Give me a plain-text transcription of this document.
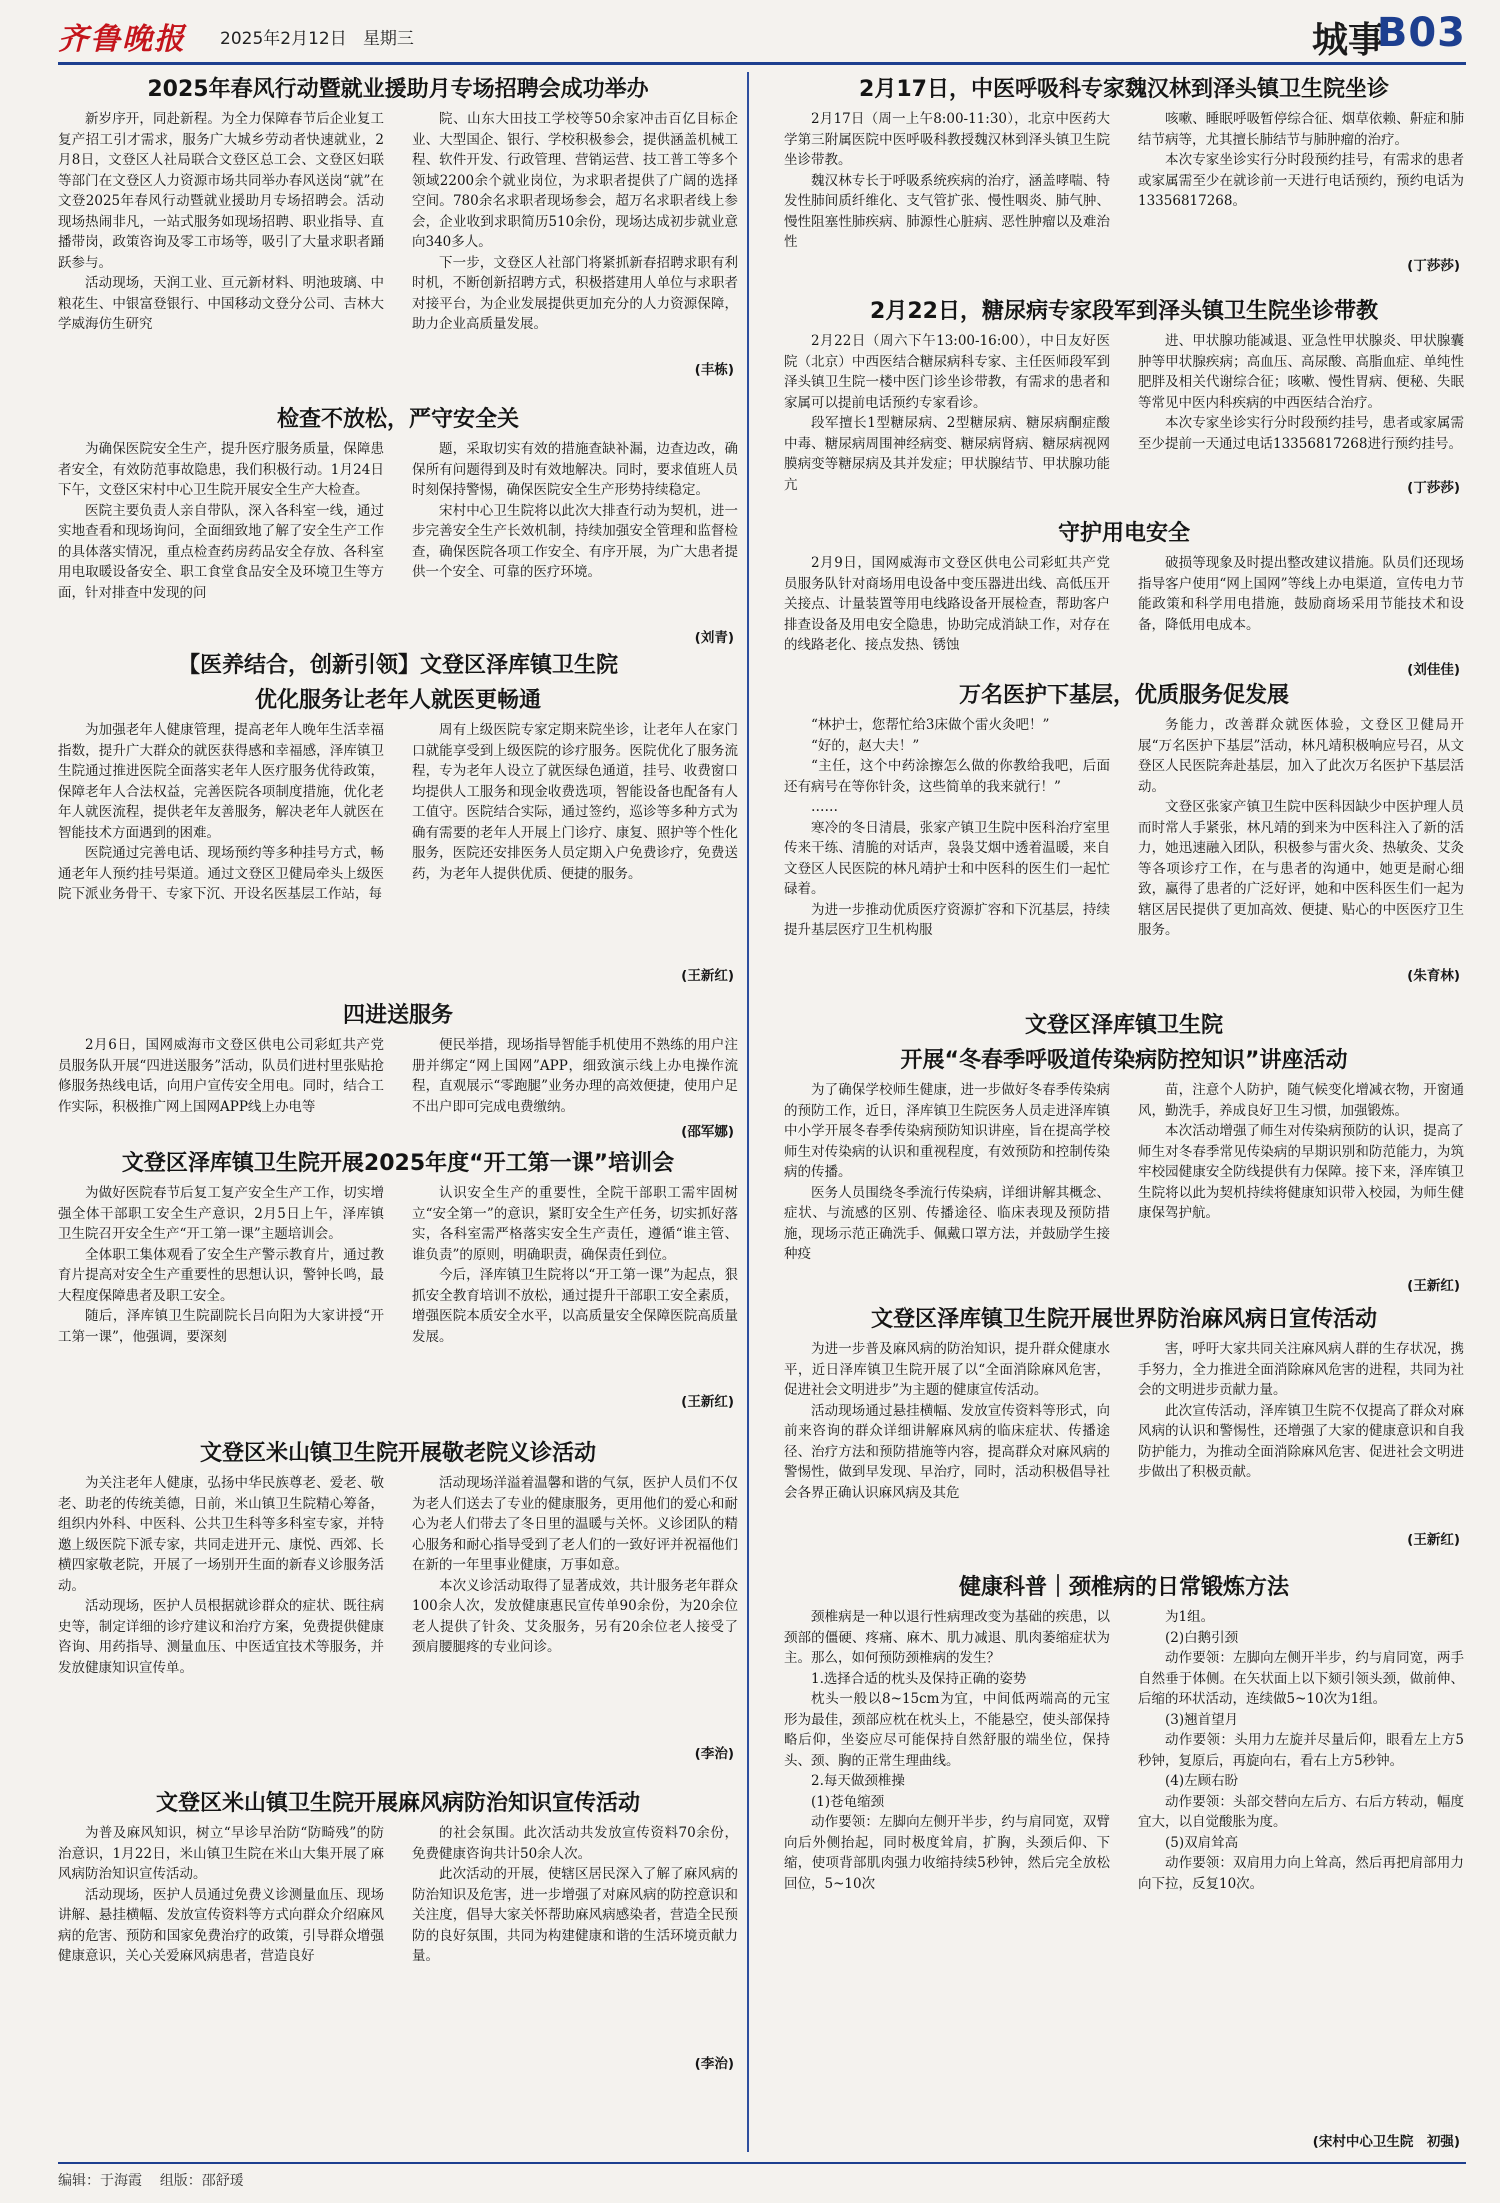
齐鲁晚报 2025年2月12日 星期三	城事
B03
2025年春风行动暨就业援助月专场招聘会成功举办

新岁序开，同赴新程。为全力保障春节后企业复工复产招工引才需求，服务广大城乡劳动者快速就业，2月8日，文登区人社局联合文登区总工会、文登区妇联等部门在文登区人力资源市场共同举办春风送岗“就”在文登2025年春风行动暨就业援助月专场招聘会。活动现场热闹非凡，一站式服务如现场招聘、职业指导、直播带岗，政策咨询及零工市场等，吸引了大量求职者踊跃参与。

活动现场，天润工业、亘元新材料、明池玻璃、中粮花生、中银富登银行、中国移动文登分公司、吉林大学威海仿生研究

院、山东大田技工学校等50余家冲击百亿目标企业、大型国企、银行、学校积极参会，提供涵盖机械工程、软件开发、行政管理、营销运营、技工普工等多个领域2200余个就业岗位，为求职者提供了广阔的选择空间。780余名求职者现场参会，超万名求职者线上参会，企业收到求职简历510余份，现场达成初步就业意向340多人。

下一步，文登区人社部门将紧抓新春招聘求职有利时机，不断创新招聘方式，积极搭建用人单位与求职者对接平台，为企业发展提供更加充分的人力资源保障，助力企业高质量发展。

(丰栋)
检查不放松，严守安全关

为确保医院安全生产，提升医疗服务质量，保障患者安全，有效防范事故隐患，我们积极行动。1月24日下午，文登区宋村中心卫生院开展安全生产大检查。

医院主要负责人亲自带队，深入各科室一线，通过实地查看和现场询问，全面细致地了解了安全生产工作的具体落实情况，重点检查药房药品安全存放、各科室用电取暖设备安全、职工食堂食品安全及环境卫生等方面，针对排查中发现的问

题，采取切实有效的措施查缺补漏，边查边改，确保所有问题得到及时有效地解决。同时，要求值班人员时刻保持警惕，确保医院安全生产形势持续稳定。

宋村中心卫生院将以此次大排查行动为契机，进一步完善安全生产长效机制，持续加强安全管理和监督检查，确保医院各项工作安全、有序开展，为广大患者提供一个安全、可靠的医疗环境。

(刘青)
【医养结合，创新引领】文登区泽库镇卫生院
优化服务让老年人就医更畅通

为加强老年人健康管理，提高老年人晚年生活幸福指数，提升广大群众的就医获得感和幸福感，泽库镇卫生院通过推进医院全面落实老年人医疗服务优待政策，保障老年人合法权益，完善医院各项制度措施，优化老年人就医流程，提供老年友善服务，解决老年人就医在智能技术方面遇到的困难。

医院通过完善电话、现场预约等多种挂号方式，畅通老年人预约挂号渠道。通过文登区卫健局牵头上级医院下派业务骨干、专家下沉、开设名医基层工作站，每

周有上级医院专家定期来院坐诊，让老年人在家门口就能享受到上级医院的诊疗服务。医院优化了服务流程，专为老年人设立了就医绿色通道，挂号、收费窗口均提供人工服务和现金收费选项，智能设备也配备有人工值守。医院结合实际，通过签约，巡诊等多种方式为确有需要的老年人开展上门诊疗、康复、照护等个性化服务，医院还安排医务人员定期入户免费诊疗，免费送药，为老年人提供优质、便捷的服务。

(王新红)
四进送服务

2月6日，国网威海市文登区供电公司彩虹共产党员服务队开展“四进送服务”活动，队员们进村里张贴抢修服务热线电话，向用户宣传安全用电。同时，结合工作实际，积极推广网上国网APP线上办电等

便民举措，现场指导智能手机使用不熟练的用户注册并绑定“网上国网”APP，细致演示线上办电操作流程，直观展示“零跑腿”业务办理的高效便捷，使用户足不出户即可完成电费缴纳。

(邵军娜)
文登区泽库镇卫生院开展2025年度“开工第一课”培训会

为做好医院春节后复工复产安全生产工作，切实增强全体干部职工安全生产意识，2月5日上午，泽库镇卫生院召开安全生产“开工第一课”主题培训会。

全体职工集体观看了安全生产警示教育片，通过教育片提高对安全生产重要性的思想认识，警钟长鸣，最大程度保障患者及职工安全。

随后，泽库镇卫生院副院长吕向阳为大家讲授“开工第一课”，他强调，要深刻

认识安全生产的重要性，全院干部职工需牢固树立“安全第一”的意识，紧盯安全生产任务，切实抓好落实，各科室需严格落实安全生产责任，遵循“谁主管、谁负责”的原则，明确职责，确保责任到位。

今后，泽库镇卫生院将以“开工第一课”为起点，狠抓安全教育培训不放松，通过提升干部职工安全素质，增强医院本质安全水平，以高质量安全保障医院高质量发展。

(王新红)
文登区米山镇卫生院开展敬老院义诊活动

为关注老年人健康，弘扬中华民族尊老、爱老、敬老、助老的传统美德，日前，米山镇卫生院精心筹备，组织内外科、中医科、公共卫生科等多科室专家，并特邀上级医院下派专家，共同走进开元、康悦、西郊、长横四家敬老院，开展了一场别开生面的新春义诊服务活动。

活动现场，医护人员根据就诊群众的症状、既往病史等，制定详细的诊疗建议和治疗方案，免费提供健康咨询、用药指导、测量血压、中医适宜技术等服务，并发放健康知识宣传单。

活动现场洋溢着温馨和谐的气氛，医护人员们不仅为老人们送去了专业的健康服务，更用他们的爱心和耐心为老人们带去了冬日里的温暖与关怀。义诊团队的精心服务和耐心指导受到了老人们的一致好评并祝福他们在新的一年里事业健康，万事如意。

本次义诊活动取得了显著成效，共计服务老年群众100余人次，发放健康惠民宣传单90余份，为20余位老人提供了针灸、艾灸服务，另有20余位老人接受了颈肩腰腿疼的专业问诊。

(李治)
文登区米山镇卫生院开展麻风病防治知识宣传活动

为普及麻风知识，树立“早诊早治防“防畸残”的防治意识，1月22日，米山镇卫生院在米山大集开展了麻风病防治知识宣传活动。

活动现场，医护人员通过免费义诊测量血压、现场讲解、悬挂横幅、发放宣传资料等方式向群众介绍麻风病的危害、预防和国家免费治疗的政策，引导群众增强健康意识，关心关爱麻风病患者，营造良好

的社会氛围。此次活动共发放宣传资料70余份，免费健康咨询共计50余人次。

此次活动的开展，使辖区居民深入了解了麻风病的防治知识及危害，进一步增强了对麻风病的防控意识和关注度，倡导大家关怀帮助麻风病感染者，营造全民预防的良好氛围，共同为构建健康和谐的生活环境贡献力量。

(李治)
2月17日，中医呼吸科专家魏汉林到泽头镇卫生院坐诊

2月17日（周一上午8:00-11:30），北京中医药大学第三附属医院中医呼吸科教授魏汉林到泽头镇卫生院坐诊带教。

魏汉林专长于呼吸系统疾病的治疗，涵盖哮喘、特发性肺间质纤维化、支气管扩张、慢性咽炎、肺气肿、慢性阻塞性肺疾病、肺源性心脏病、恶性肿瘤以及难治性

咳嗽、睡眠呼吸暂停综合征、烟草依赖、鼾症和肺结节病等，尤其擅长肺结节与肺肿瘤的治疗。

本次专家坐诊实行分时段预约挂号，有需求的患者或家属需至少在就诊前一天进行电话预约，预约电话为13356817268。

(丁莎莎)
2月22日，糖尿病专家段军到泽头镇卫生院坐诊带教

2月22日（周六下午13:00-16:00），中日友好医院（北京）中西医结合糖尿病科专家、主任医师段军到泽头镇卫生院一楼中医门诊坐诊带教，有需求的患者和家属可以提前电话预约专家看诊。

段军擅长1型糖尿病、2型糖尿病、糖尿病酮症酸中毒、糖尿病周围神经病变、糖尿病肾病、糖尿病视网膜病变等糖尿病及其并发症；甲状腺结节、甲状腺功能亢

进、甲状腺功能减退、亚急性甲状腺炎、甲状腺囊肿等甲状腺疾病；高血压、高尿酸、高脂血症、单纯性肥胖及相关代谢综合征；咳嗽、慢性胃病、便秘、失眠等常见中医内科疾病的中西医结合治疗。

本次专家坐诊实行分时段预约挂号，患者或家属需至少提前一天通过电话13356817268进行预约挂号。

(丁莎莎)
守护用电安全

2月9日，国网威海市文登区供电公司彩虹共产党员服务队针对商场用电设备中变压器进出线、高低压开关接点、计量装置等用电线路设备开展检查，帮助客户排查设备及用电安全隐患，协助完成消缺工作，对存在的线路老化、接点发热、锈蚀

破损等现象及时提出整改建议措施。队员们还现场指导客户使用“网上国网”等线上办电渠道，宣传电力节能政策和科学用电措施，鼓励商场采用节能技术和设备，降低用电成本。

(刘佳佳)
万名医护下基层，优质服务促发展

“林护士，您帮忙给3床做个雷火灸吧！”

“好的，赵大夫！”

“主任，这个中药涂擦怎么做的你教给我吧，后面还有病号在等你针灸，这些简单的我来就行！”

……

寒冷的冬日清晨，张家产镇卫生院中医科治疗室里传来干练、清脆的对话声，袅袅艾烟中透着温暖，来自文登区人民医院的林凡靖护士和中医科的医生们一起忙碌着。

为进一步推动优质医疗资源扩容和下沉基层，持续提升基层医疗卫生机构服

务能力，改善群众就医体验，文登区卫健局开展“万名医护下基层”活动，林凡靖积极响应号召，从文登区人民医院奔赴基层，加入了此次万名医护下基层活动。

文登区张家产镇卫生院中医科因缺少中医护理人员而时常人手紧张，林凡靖的到来为中医科注入了新的活力，她迅速融入团队，积极参与雷火灸、热敏灸、艾灸等各项诊疗工作，在与患者的沟通中，她更是耐心细致，赢得了患者的广泛好评，她和中医科医生们一起为辖区居民提供了更加高效、便捷、贴心的中医医疗卫生服务。

(朱育林)
文登区泽库镇卫生院
开展“冬春季呼吸道传染病防控知识”讲座活动

为了确保学校师生健康，进一步做好冬春季传染病的预防工作，近日，泽库镇卫生院医务人员走进泽库镇中小学开展冬春季传染病预防知识讲座，旨在提高学校师生对传染病的认识和重视程度，有效预防和控制传染病的传播。

医务人员围绕冬季流行传染病，详细讲解其概念、症状、与流感的区别、传播途径、临床表现及预防措施，现场示范正确洗手、佩戴口罩方法，并鼓励学生接种疫

苗，注意个人防护，随气候变化增减衣物，开窗通风，勤洗手，养成良好卫生习惯，加强锻炼。

本次活动增强了师生对传染病预防的认识，提高了师生对冬春季常见传染病的早期识别和防范能力，为筑牢校园健康安全防线提供有力保障。接下来，泽库镇卫生院将以此为契机持续将健康知识带入校园，为师生健康保驾护航。

(王新红)
文登区泽库镇卫生院开展世界防治麻风病日宣传活动

为进一步普及麻风病的防治知识，提升群众健康水平，近日泽库镇卫生院开展了以“全面消除麻风危害，促进社会文明进步”为主题的健康宣传活动。

活动现场通过悬挂横幅、发放宣传资料等形式，向前来咨询的群众详细讲解麻风病的临床症状、传播途径、治疗方法和预防措施等内容，提高群众对麻风病的警惕性，做到早发现、早治疗，同时，活动积极倡导社会各界正确认识麻风病及其危

害，呼吁大家共同关注麻风病人群的生存状况，携手努力，全力推进全面消除麻风危害的进程，共同为社会的文明进步贡献力量。

此次宣传活动，泽库镇卫生院不仅提高了群众对麻风病的认识和警惕性，还增强了大家的健康意识和自我防护能力，为推动全面消除麻风危害、促进社会文明进步做出了积极贡献。

(王新红)
健康科普｜颈椎病的日常锻炼方法

颈椎病是一种以退行性病理改变为基础的疾患，以颈部的僵硬、疼痛、麻木、肌力减退、肌肉萎缩症状为主。那么，如何预防颈椎病的发生？

1.选择合适的枕头及保持正确的姿势

枕头一般以8~15cm为宜，中间低两端高的元宝形为最佳，颈部应枕在枕头上，不能悬空，使头部保持略后仰，坐姿应尽可能保持自然舒服的端坐位，保持头、颈、胸的正常生理曲线。

2.每天做颈椎操

(1)苍龟缩颈

动作要领：左脚向左侧开半步，约与肩同宽，双臂向后外侧抬起，同时极度耸肩，扩胸，头颈后仰、下缩，使项背部肌肉强力收缩持续5秒钟，然后完全放松回位，5~10次

为1组。

(2)白鹅引颈

动作要领：左脚向左侧开半步，约与肩同宽，两手自然垂于体侧。在矢状面上以下颏引领头颈，做前伸、后缩的环状活动，连续做5~10次为1组。

(3)翘首望月

动作要领：头用力左旋并尽量后仰，眼看左上方5秒钟，复原后，再旋向右，看右上方5秒钟。

(4)左顾右盼

动作要领：头部交替向左后方、右后方转动，幅度宜大，以自觉酸胀为度。

(5)双肩耸高

动作要领：双肩用力向上耸高，然后再把肩部用力向下拉，反复10次。

(宋村中心卫生院　初强)
编辑：于海霞 组版：邵舒瑗
